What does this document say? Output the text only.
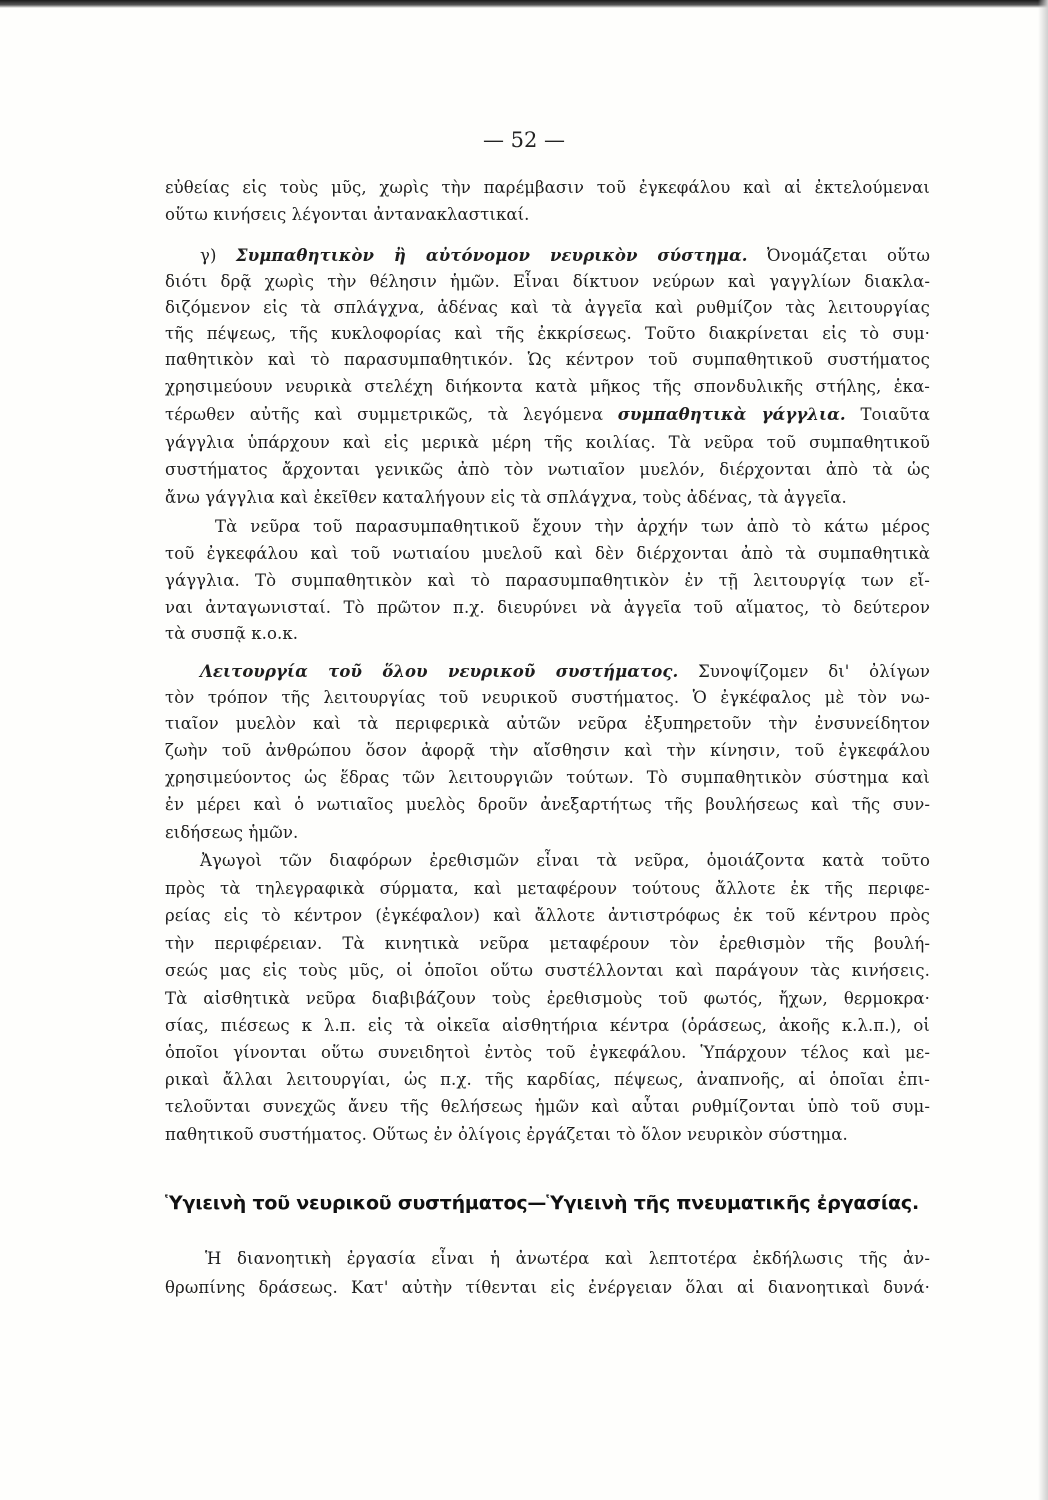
— 52 —
εὐθείας εἰς τοὺς μῦς, χωρὶς τὴν παρέμβασιν τοῦ ἐγκεφάλου καὶ αἱ ἐκτελούμεναι
οὕτω κινήσεις λέγονται ἀντανακλαστικαί.
γ) Συμπαθητικὸν ἢ αὐτόνομον νευρικὸν σύστημα. Ὀνομάζεται οὕτω
διότι δρᾷ χωρὶς τὴν θέλησιν ἡμῶν. Εἶναι δίκτυον νεύρων καὶ γαγγλίων διακλα-
διζόμενον εἰς τὰ σπλάγχνα, ἀδένας καὶ τὰ ἀγγεῖα καὶ ρυθμίζον τὰς λειτουργίας
τῆς πέψεως, τῆς κυκλοφορίας καὶ τῆς ἐκκρίσεως. Τοῦτο διακρίνεται εἰς τὸ συμ·
παθητικὸν καὶ τὸ παρασυμπαθητικόν. Ὡς κέντρον τοῦ συμπαθητικοῦ συστήματος
χρησιμεύουν νευρικὰ στελέχη διήκοντα κατὰ μῆκος τῆς σπονδυλικῆς στήλης, ἑκα-
τέρωθεν αὐτῆς καὶ συμμετρικῶς, τὰ λεγόμενα συμπαθητικὰ γάγγλια. Τοιαῦτα
γάγγλια ὑπάρχουν καὶ εἰς μερικὰ μέρη τῆς κοιλίας. Τὰ νεῦρα τοῦ συμπαθητικοῦ
συστήματος ἄρχονται γενικῶς ἀπὸ τὸν νωτιαῖον μυελόν, διέρχονται ἀπὸ τὰ ὡς
ἄνω γάγγλια καὶ ἐκεῖθεν καταλήγουν εἰς τὰ σπλάγχνα, τοὺς ἀδένας, τὰ ἀγγεῖα.
Τὰ νεῦρα τοῦ παρασυμπαθητικοῦ ἔχουν τὴν ἀρχήν των ἀπὸ τὸ κάτω μέρος
τοῦ ἐγκεφάλου καὶ τοῦ νωτιαίου μυελοῦ καὶ δὲν διέρχονται ἀπὸ τὰ συμπαθητικὰ
γάγγλια. Τὸ συμπαθητικὸν καὶ τὸ παρασυμπαθητικὸν ἐν τῇ λειτουργίᾳ των εἴ-
ναι ἀνταγωνισταί. Τὸ πρῶτον π.χ. διευρύνει νὰ ἀγγεῖα τοῦ αἵματος, τὸ δεύτερον
τὰ συσπᾷ κ.ο.κ.
Λειτουργία τοῦ ὅλου νευρικοῦ συστήματος. Συνοψίζομεν δι' ὀλίγων
τὸν τρόπον τῆς λειτουργίας τοῦ νευρικοῦ συστήματος. Ὁ ἐγκέφαλος μὲ τὸν νω-
τιαῖον μυελὸν καὶ τὰ περιφερικὰ αὐτῶν νεῦρα ἐξυπηρετοῦν τὴν ἐνσυνείδητον
ζωὴν τοῦ ἀνθρώπου ὅσον ἀφορᾷ τὴν αἴσθησιν καὶ τὴν κίνησιν, τοῦ ἐγκεφάλου
χρησιμεύοντος ὡς ἕδρας τῶν λειτουργιῶν τούτων. Τὸ συμπαθητικὸν σύστημα καὶ
ἐν μέρει καὶ ὁ νωτιαῖος μυελὸς δροῦν ἀνεξαρτήτως τῆς βουλήσεως καὶ τῆς συν-
ειδήσεως ἡμῶν.
Ἀγωγοὶ τῶν διαφόρων ἐρεθισμῶν εἶναι τὰ νεῦρα, ὁμοιάζοντα κατὰ τοῦτο
πρὸς τὰ τηλεγραφικὰ σύρματα, καὶ μεταφέρουν τούτους ἄλλοτε ἐκ τῆς περιφε-
ρείας εἰς τὸ κέντρον (ἐγκέφαλον) καὶ ἄλλοτε ἀντιστρόφως ἐκ τοῦ κέντρου πρὸς
τὴν περιφέρειαν. Τὰ κινητικὰ νεῦρα μεταφέρουν τὸν ἐρεθισμὸν τῆς βουλή-
σεώς μας εἰς τοὺς μῦς, οἱ ὁποῖοι οὕτω συστέλλονται καὶ παράγουν τὰς κινήσεις.
Τὰ αἰσθητικὰ νεῦρα διαβιβάζουν τοὺς ἐρεθισμοὺς τοῦ φωτός, ἤχων, θερμοκρα·
σίας, πιέσεως κ λ.π. εἰς τὰ οἰκεῖα αἰσθητήρια κέντρα (ὁράσεως, ἀκοῆς κ.λ.π.), οἱ
ὁποῖοι γίνονται οὕτω συνειδητοὶ ἐντὸς τοῦ ἐγκεφάλου. Ὑπάρχουν τέλος καὶ με-
ρικαὶ ἄλλαι λειτουργίαι, ὡς π.χ. τῆς καρδίας, πέψεως, ἀναπνοῆς, αἱ ὁποῖαι ἐπι-
τελοῦνται συνεχῶς ἄνευ τῆς θελήσεως ἡμῶν καὶ αὗται ρυθμίζονται ὑπὸ τοῦ συμ-
παθητικοῦ συστήματος. Οὕτως ἐν ὀλίγοις ἐργάζεται τὸ ὅλον νευρικὸν σύστημα.
Ὑγιεινὴ τοῦ νευρικοῦ συστήματος—Ὑγιεινὴ τῆς πνευματικῆς ἐργασίας.
Ἡ διανοητικὴ ἐργασία εἶναι ἡ ἀνωτέρα καὶ λεπτοτέρα ἐκδήλωσις τῆς ἀν-
θρωπίνης δράσεως. Κατ' αὐτὴν τίθενται εἰς ἐνέργειαν ὅλαι αἱ διανοητικαὶ δυνά·
